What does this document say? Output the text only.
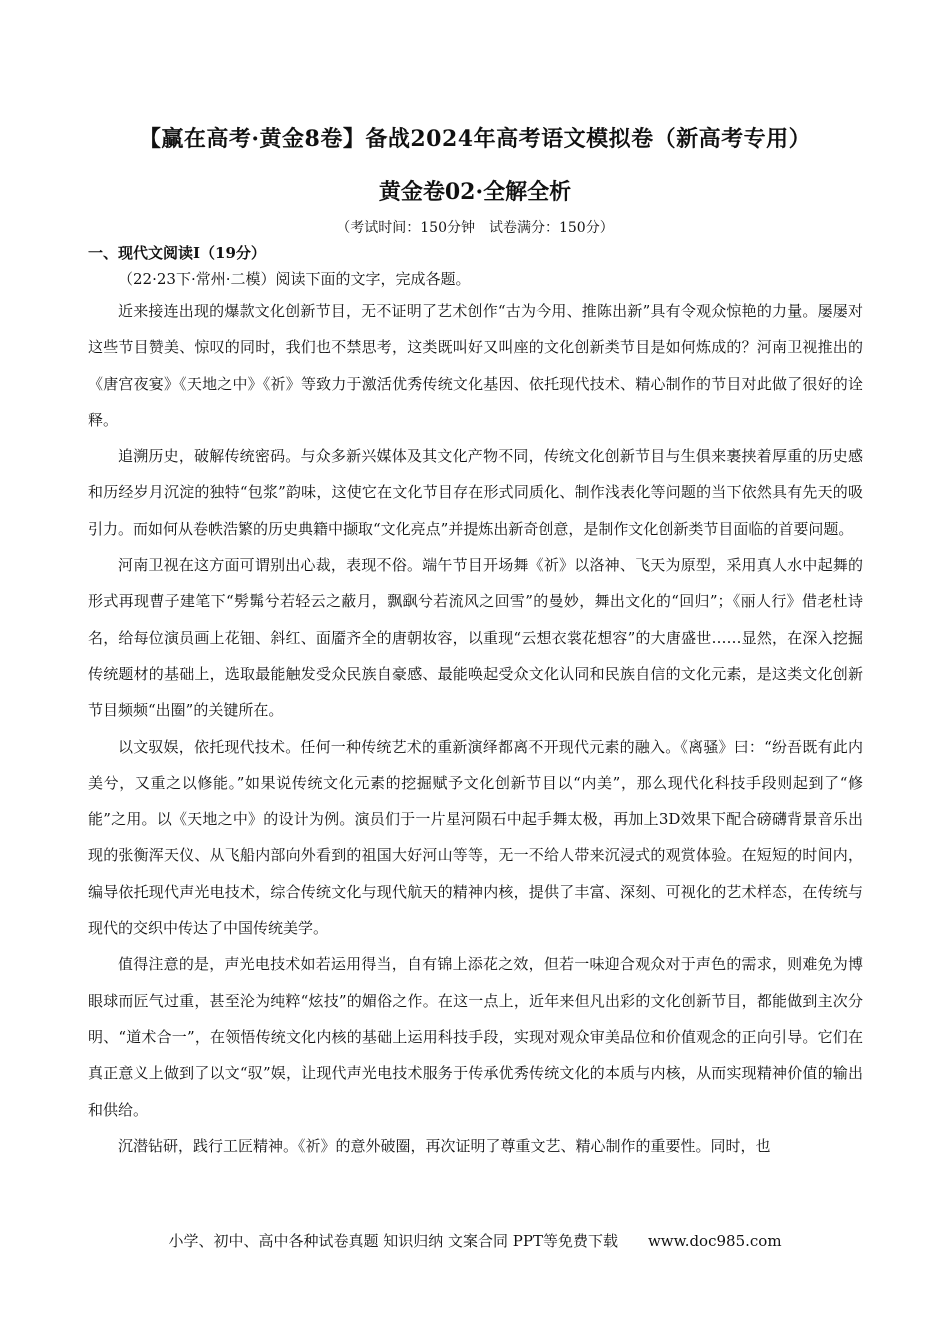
【赢在高考·黄金8卷】备战2024年高考语文模拟卷（新高考专用）
黄金卷02·全解全析
（考试时间：150分钟　试卷满分：150分）
一、现代文阅读Ⅰ（19分）
（22·23下·常州·二模）阅读下面的文字，完成各题。

近来接连出现的爆款文化创新节目，无不证明了艺术创作“古为今用、推陈出新”具有令观众惊艳的力量。屡屡对这些节目赞美、惊叹的同时，我们也不禁思考，这类既叫好又叫座的文化创新类节目是如何炼成的？河南卫视推出的《唐宫夜宴》《天地之中》《祈》等致力于激活优秀传统文化基因、依托现代技术、精心制作的节目对此做了很好的诠释。

追溯历史，破解传统密码。与众多新兴媒体及其文化产物不同，传统文化创新节目与生俱来裹挟着厚重的历史感和历经岁月沉淀的独特“包浆”韵味，这使它在文化节目存在形式同质化、制作浅表化等问题的当下依然具有先天的吸引力。而如何从卷帙浩繁的历史典籍中撷取“文化亮点”并提炼出新奇创意，是制作文化创新类节目面临的首要问题。

河南卫视在这方面可谓别出心裁，表现不俗。端午节目开场舞《祈》以洛神、飞天为原型，采用真人水中起舞的形式再现曹子建笔下“髣髴兮若轻云之蔽月，飘飖兮若流风之回雪”的曼妙，舞出文化的“回归”；《丽人行》借老杜诗名，给每位演员画上花钿、斜红、面靥齐全的唐朝妆容，以重现“云想衣裳花想容”的大唐盛世……显然，在深入挖掘传统题材的基础上，选取最能触发受众民族自豪感、最能唤起受众文化认同和民族自信的文化元素，是这类文化创新节目频频“出圈”的关键所在。

以文驭娱，依托现代技术。任何一种传统艺术的重新演绎都离不开现代元素的融入。《离骚》曰：“纷吾既有此内美兮，又重之以修能。”如果说传统文化元素的挖掘赋予文化创新节目以“内美”，那么现代化科技手段则起到了“修能”之用。以《天地之中》的设计为例。演员们于一片星河陨石中起手舞太极，再加上3D效果下配合磅礴背景音乐出现的张衡浑天仪、从飞船内部向外看到的祖国大好河山等等，无一不给人带来沉浸式的观赏体验。在短短的时间内，编导依托现代声光电技术，综合传统文化与现代航天的精神内核，提供了丰富、深刻、可视化的艺术样态，在传统与现代的交织中传达了中国传统美学。

值得注意的是，声光电技术如若运用得当，自有锦上添花之效，但若一味迎合观众对于声色的需求，则难免为博眼球而匠气过重，甚至沦为纯粹“炫技”的媚俗之作。在这一点上，近年来但凡出彩的文化创新节目，都能做到主次分明、“道术合一”，在领悟传统文化内核的基础上运用科技手段，实现对观众审美品位和价值观念的正向引导。它们在真正意义上做到了以文“驭”娱，让现代声光电技术服务于传承优秀传统文化的本质与内核，从而实现精神价值的输出和供给。

沉潜钻研，践行工匠精神。《祈》的意外破圈，再次证明了尊重文艺、精心制作的重要性。同时，也

小学、初中、高中各种试卷真题 知识归纳 文案合同 PPT等免费下载　　www.doc985.com
